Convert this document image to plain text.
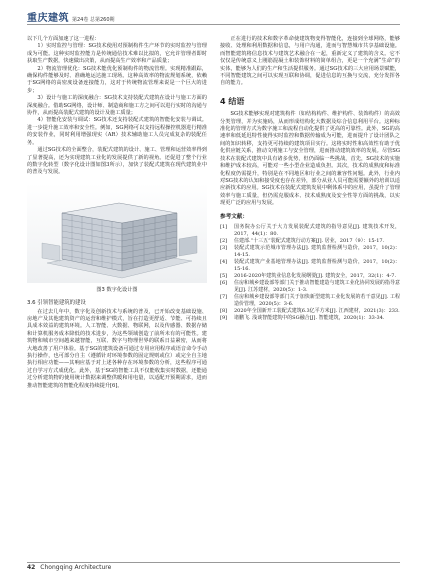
重庆建筑 第24卷 总第260期

以下几个方面加速了这一进程：

1）实时监控与管理：SG技术使用对预制构件生产环节的实时监控与管理成为可能。这种实时监控能力是传统通信技术难以比拟的，它允许管理者即时获取生产数据，快速做出决策，从而提高生产效率和产品质量；

2）物流管理优化：SG技术能优化预制构件的物流管理。实现精准跟踪，确保构件能够及时、准确地运达施工现场。这种高效率的物流规划系统，依赖于SG网络的高密度设备连接能力，这对于传统物流管理来说是一个巨大的进步；

3）设计与施工的深度融合：SG技术支持装配式建筑在设计与施工方面的深度融合。借助SG网络，设计师、制造商和施工方之间可以进行实时的沟通与协作，从而提高装配式建筑的设计及施工质量；

4）智能化安装与调试：SG技术还支持装配式建筑的智能化安装与调试。进一步提升施工效率和安全性。例如，SG网络可以支持远程操控机器进行精准的安装作业，同时利用增强现实（AR）技术辅助施工人员完成复杂的装配任务。

通过SG技术的全面整合，装配式建筑的设计、施工、管理和运营效率得到了显著提高，还为实现建筑工业化的发展提供了新的视角。还促进了整个行业的数字化转型（数字化设计图如图3所示），加快了装配式建筑在现代建筑业中的普及与发展。

图3 数字化设计图
3.6 引领智能建筑的建设

在过去几年中，数字化及创新技术与系统的普及，已开始改变基础设施、房地产及其他建筑资产的运营和维护模式，旨在打造更舒适、节能、可持续且具成本效益的建筑环境。人工智能、大数据、物联网，以及传感器、数据存储和计算机服务成本降低的技术进步，为这些领域创造了前所未有的可能性。建筑物和城市空间越来越智能，互联、数字与物理世界的联系日益紧密，从而将大地改善了用户体验。基于SG的建筑设备可通过专用应用程序或语音命令手动执行操作，也可部分自主（遵循针对环境参数的固定规则或位）或完全自主地执行相应功能——其响应基于对上述各种存在环境参数的分析，这些程序可通过自学习方式成优化。此外，基于SG的智能工具不仅能收集实时数据，还能通过分析建筑物的使用统计数据来调整供暖和用电量，以适配开预期需求，进而推动智能建筑的智能化程度持续提升[6]。

正在进行的技术和数字革命使建筑物变得智能化，连接到全球网络，能够接收、处理和利用数据和信息，与用户沟通，进而与智慧城市共享基础设施。而智能建筑将信息技术与建筑艺术融合在一起，重新定义了建筑的含义。它不仅仅是传统意义上刚筋混凝土和装饰材料的简单组合，更是一个充满“生命”的实体，能够为人们的生产和生活提供服务。通过SG技术的三大应用场景赋能，不同智能建筑之间可以实现互联和协调，促进信息的互换与交流，充分发挥各自的能力。

4 结语

SG技术能够实现对建筑构件（如结构构件、维护构件、装饰构件）的高效分类管理，并为实施码，从而形成结构化大数据及综合信息利用平台。这种标准化的管理方式为数字施工和流程自动化提供了更高的可靠性。此外，SG的高速率和低延迟特性使得实时监控和数据传输成为可能，进而提升了设计团队之间的知识转移，支持更可持续的建筑项目实行。这将实时性和高效性有助于优化供应链关系，推动文明施工与安全管理，进而推动建筑效率的发展。尽管SG技术在装配式建筑中具有诸多优势，但仍面临一些挑战，首先，SG技术的实施和维护成本较高，可能对一些小型企业造成负担。其次，技术的成熟度和标准化程度仍需提升，特别是在不同地区和行业之间的兼容性问题。此外，行业内对SG技术的认知和接受度也存在差异，部分从业人员可能需要额外的培训以适应新技术的应用。SG技术在装配式建筑发展中剩体系中的应用，虽提升了管理效率与施工质量，但仍需克服成本、技术成熟度及安全性等方面的挑战，以实现更广泛的应用与发展。

参考文献：
[1]	国务院办公厅关于大力发展装配式建筑的指导意见[J]. 建筑技术开发，2017，44(1)：80.
[2]	住建部.“十三五”装配式建筑行动方案[J]. 居业，2017（9）：15-17.
[3]	装配式建筑示范城市管理办法[J]. 建筑监督检测与造价，2017，10(2)：14-15.
[4]	装配式建筑产业基地管理办法[J]. 建筑监督检测与造价，2017，10(2)：15-16.
[5]	2016-2020年建筑业信息化发展纲要[J]. 建筑安全，2017，32(1)：4-7.
[6]	住房和城乡建设部等部门关于推动智能建造与建筑工业化协同发展的指导意见[J]. 江苏建材，2020(5)：1-3.
[7]	住房和城乡建设部等部门关于加快新型建筑工业化发展的若干意见[J]. 工程造价管理，2020(5)：3-6.
[8]	2020年全国新开工装配式建筑6.3亿平方米[J]. 江西建材，2021(3)：233.
[9]	诸鹏飞. 浅谈智能建筑中的SG融合[J]. 智能建筑，2020(1)：33-34.
42 Chongqing Architecture
